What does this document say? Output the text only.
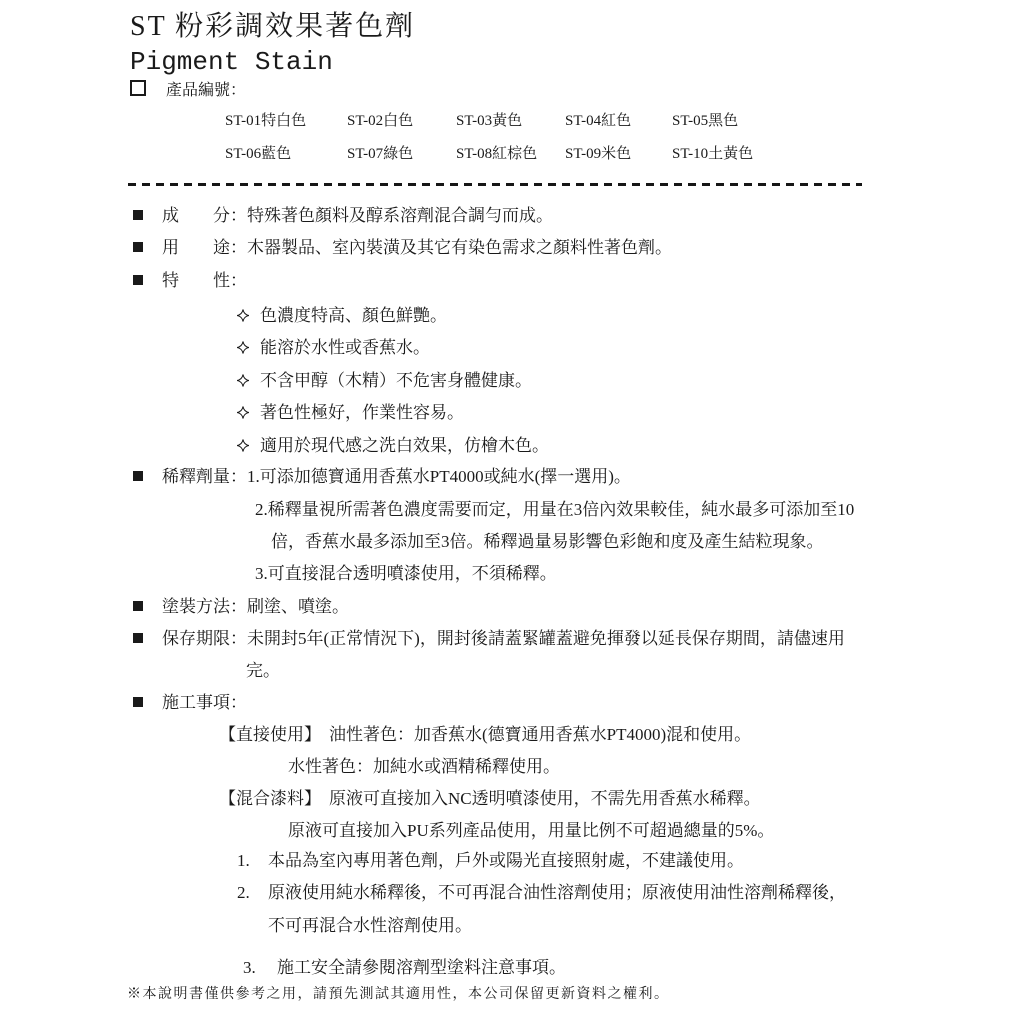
ST 粉彩調效果著色劑
Pigment Stain
產品編號：
ST-01特白色	ST-02白色	ST-03黃色	ST-04紅色	ST-05黑色
ST-06藍色	ST-07綠色	ST-08紅棕色	ST-09米色	ST-10土黃色
成　　分：特殊著色顏料及醇系溶劑混合調勻而成。
用　　途：木器製品、室內裝潢及其它有染色需求之顏料性著色劑。
特　　性：
色濃度特高、顏色鮮艷。
能溶於水性或香蕉水。
不含甲醇（木精）不危害身體健康。
著色性極好，作業性容易。
適用於現代感之洗白效果，仿檜木色。
稀釋劑量：1.可添加德寶通用香蕉水PT4000或純水(擇一選用)。
2.稀釋量視所需著色濃度需要而定，用量在3倍內效果較佳，純水最多可添加至10
倍，香蕉水最多添加至3倍。稀釋過量易影響色彩飽和度及產生結粒現象。
3.可直接混合透明噴漆使用，不須稀釋。
塗裝方法：刷塗、噴塗。
保存期限：未開封5年(正常情況下)，開封後請蓋緊罐蓋避免揮發以延長保存期間，請儘速用
完。
施工事項：
【直接使用】 油性著色：加香蕉水(德寶通用香蕉水PT4000)混和使用。
水性著色：加純水或酒精稀釋使用。
【混合漆料】 原液可直接加入NC透明噴漆使用，不需先用香蕉水稀釋。
原液可直接加入PU系列產品使用，用量比例不可超過總量的5%。
1. 本品為室內專用著色劑，戶外或陽光直接照射處，不建議使用。
2. 原液使用純水稀釋後，不可再混合油性溶劑使用；原液使用油性溶劑稀釋後，
不可再混合水性溶劑使用。
3. 施工安全請參閱溶劑型塗料注意事項。
※本說明書僅供參考之用，請預先測試其適用性，本公司保留更新資料之權利。
